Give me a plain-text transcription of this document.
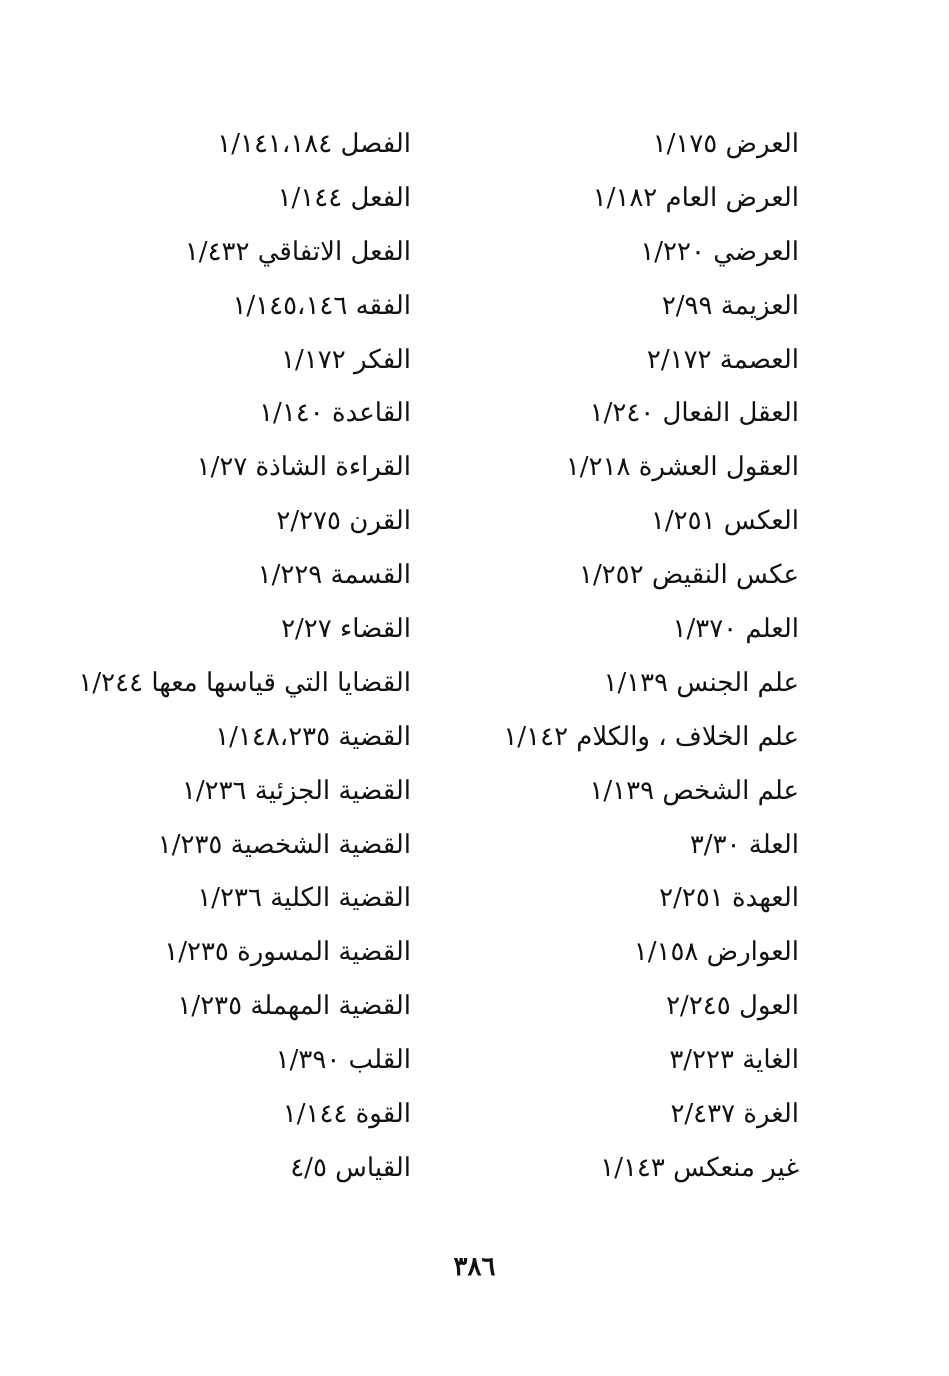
العرض ١/١٧٥
العرض العام ١/١٨٢
العرضي ١/٢٢٠
العزيمة ٢/٩٩
العصمة ٢/١٧٢
العقل الفعال ١/٢٤٠
العقول العشرة ١/٢١٨
العكس ١/٢٥١
عكس النقيض ١/٢٥٢
العلم ١/٣٧٠
علم الجنس ١/١٣٩
علم الخلاف ، والكلام ١/١٤٢
علم الشخص ١/١٣٩
العلة ٣/٣٠
العهدة ٢/٢٥١
العوارض ١/١٥٨
العول ٢/٢٤٥
الغاية ٣/٢٢٣
الغرة ٢/٤٣٧
غير منعكس ١/١٤٣
الفصل ١/١٤١،١٨٤
الفعل ١/١٤٤
الفعل الاتفاقي ١/٤٣٢
الفقه ١/١٤٥،١٤٦
الفكر ١/١٧٢
القاعدة ١/١٤٠
القراءة الشاذة ١/٢٧
القرن ٢/٢٧٥
القسمة ١/٢٢٩
القضاء ٢/٢٧
القضايا التي قياسها معها ١/٢٤٤
القضية ١/١٤٨،٢٣٥
القضية الجزئية ١/٢٣٦
القضية الشخصية ١/٢٣٥
القضية الكلية ١/٢٣٦
القضية المسورة ١/٢٣٥
القضية المهملة ١/٢٣٥
القلب ١/٣٩٠
القوة ١/١٤٤
القياس ٤/٥
٣٨٦
